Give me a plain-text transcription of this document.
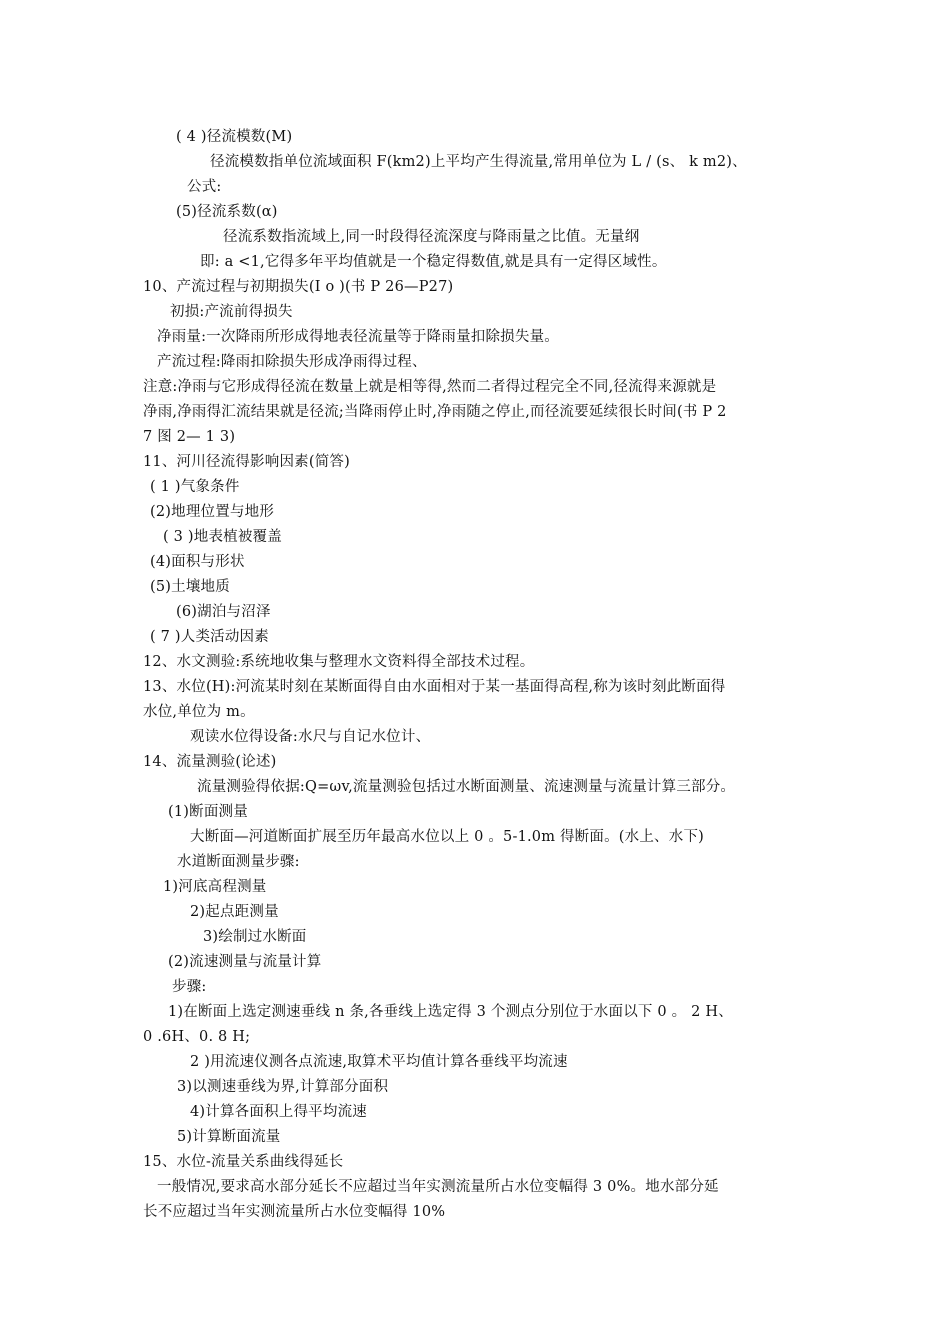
( 4 )径流模数(M)
径流模数指单位流域面积 F(km2)上平均产生得流量,常用单位为 L / (s、 k m2)、
公式:
(5)径流系数(α)
径流系数指流域上,同一时段得径流深度与降雨量之比值。无量纲
即: a <1,它得多年平均值就是一个稳定得数值,就是具有一定得区域性。
10、产流过程与初期损失(I o )(书 P 26—P27)
初损:产流前得损失
净雨量:一次降雨所形成得地表径流量等于降雨量扣除损失量。
产流过程:降雨扣除损失形成净雨得过程、
注意:净雨与它形成得径流在数量上就是相等得,然而二者得过程完全不同,径流得来源就是
净雨,净雨得汇流结果就是径流;当降雨停止时,净雨随之停止,而径流要延续很长时间(书 P 2
7 图 2— 1 3)
11、河川径流得影响因素(简答)
( 1 )气象条件
(2)地理位置与地形
( 3 )地表植被覆盖
(4)面积与形状
(5)土壤地质
(6)湖泊与沼泽
( 7 )人类活动因素
12、水文测验:系统地收集与整理水文资料得全部技术过程。
13、水位(H):河流某时刻在某断面得自由水面相对于某一基面得高程,称为该时刻此断面得
水位,单位为 m。
观读水位得设备:水尺与自记水位计、
14、流量测验(论述)
流量测验得依据:Q=ωv,流量测验包括过水断面测量、流速测量与流量计算三部分。
(1)断面测量
大断面—河道断面扩展至历年最高水位以上 0 。5-1.0m 得断面。(水上、水下)
水道断面测量步骤:
1)河底高程测量
2)起点距测量
3)绘制过水断面
(2)流速测量与流量计算
步骤:
1)在断面上选定测速垂线 n 条,各垂线上选定得 3 个测点分别位于水面以下 0 。 2 H、
0 .6H、0. 8 H;
2 )用流速仪测各点流速,取算术平均值计算各垂线平均流速
3)以测速垂线为界,计算部分面积
4)计算各面积上得平均流速
5)计算断面流量
15、水位-流量关系曲线得延长
一般情况,要求高水部分延长不应超过当年实测流量所占水位变幅得 3 0%。地水部分延
长不应超过当年实测流量所占水位变幅得 10%
